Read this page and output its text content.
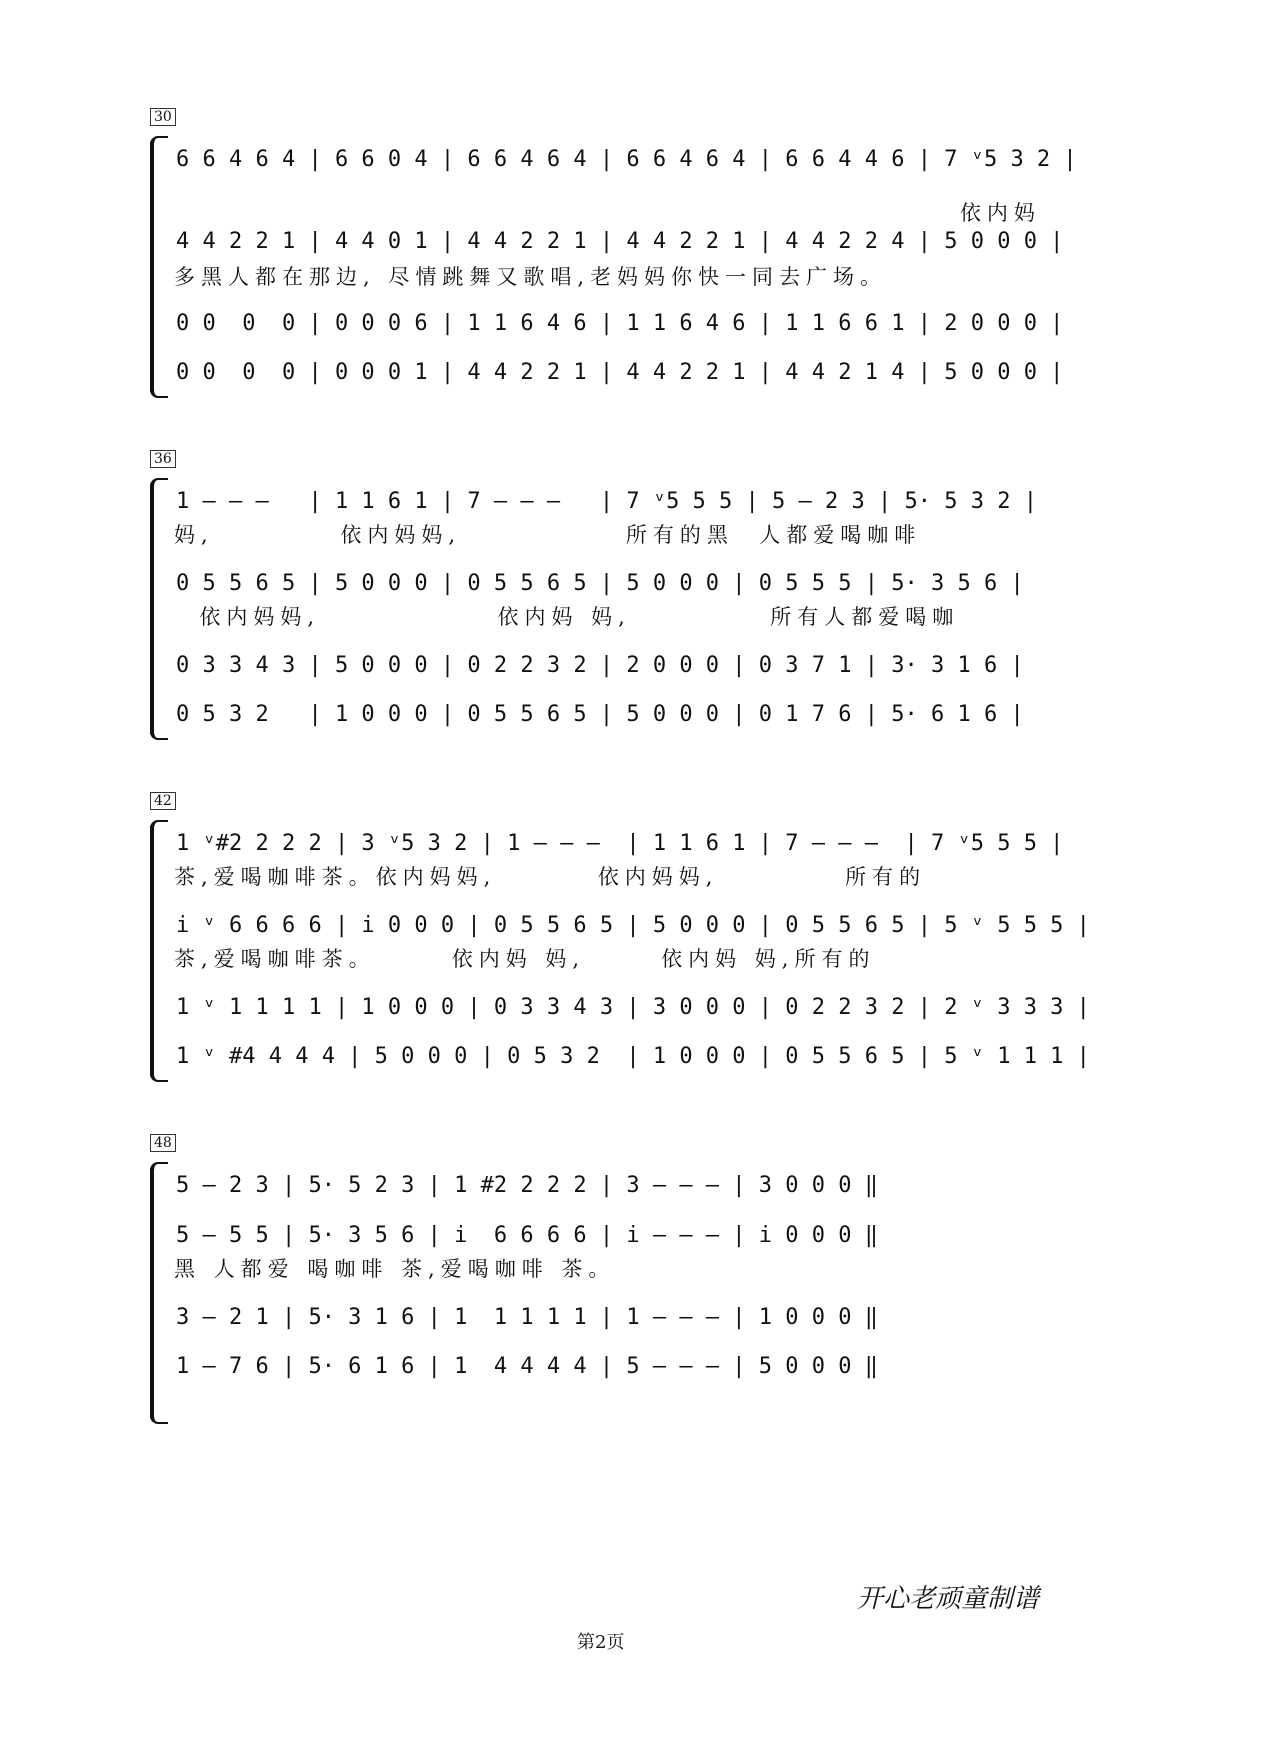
30
6 6 4 6 4 | 6 6 0 4 | 6 6 4 6 4 | 6 6 4 6 4 | 6 6 4 4 6 | 7 ᵛ5 3 2 |
依内妈
4 4 2 2 1 | 4 4 0 1 | 4 4 2 2 1 | 4 4 2 2 1 | 4 4 2 2 4 | 5 0 0 0 |
多黑人都在那边, 尽情跳舞又歌唱,老妈妈你快一同去广场。
0 0  0  0 | 0 0 0 6 | 1 1 6 4 6 | 1 1 6 4 6 | 1 1 6 6 1 | 2 0 0 0 |
0 0  0  0 | 0 0 0 1 | 4 4 2 2 1 | 4 4 2 2 1 | 4 4 2 1 4 | 5 0 0 0 |
36
1 – – –   | 1 1 6 1 | 7 – – –   | 7 ᵛ5 5 5 | 5 – 2 3 | 5· 5 3 2 |
妈,          依内妈妈,             所有的黑  人都爱喝咖啡
0 5 5 6 5 | 5 0 0 0 | 0 5 5 6 5 | 5 0 0 0 | 0 5 5 5 | 5· 3 5 6 |
依内妈妈,              依内妈 妈,           所有人都爱喝咖
0 3 3 4 3 | 5 0 0 0 | 0 2 2 3 2 | 2 0 0 0 | 0 3 7 1 | 3· 3 1 6 |
0 5 3 2   | 1 0 0 0 | 0 5 5 6 5 | 5 0 0 0 | 0 1 7 6 | 5· 6 1 6 |
42
1 ᵛ#2 2 2 2 | 3 ᵛ5 3 2 | 1 – – –  | 1 1 6 1 | 7 – – –  | 7 ᵛ5 5 5 |
茶,爱喝咖啡茶。依内妈妈,        依内妈妈,          所有的
i ᵛ 6 6 6 6 | i 0 0 0 | 0 5 5 6 5 | 5 0 0 0 | 0 5 5 6 5 | 5 ᵛ 5 5 5 |
茶,爱喝咖啡茶。      依内妈 妈,      依内妈 妈,所有的
1 ᵛ 1 1 1 1 | 1 0 0 0 | 0 3 3 4 3 | 3 0 0 0 | 0 2 2 3 2 | 2 ᵛ 3 3 3 |
1 ᵛ #4 4 4 4 | 5 0 0 0 | 0 5 3 2  | 1 0 0 0 | 0 5 5 6 5 | 5 ᵛ 1 1 1 |
48
5 – 2 3 | 5· 5 2 3 | 1 #2 2 2 2 | 3 – – – | 3 0 0 0 ‖
5 – 5 5 | 5· 3 5 6 | i  6 6 6 6 | i – – – | i 0 0 0 ‖
黑 人都爱 喝咖啡 茶,爱喝咖啡 茶。
3 – 2 1 | 5· 3 1 6 | 1  1 1 1 1 | 1 – – – | 1 0 0 0 ‖
1 – 7 6 | 5· 6 1 6 | 1  4 4 4 4 | 5 – – – | 5 0 0 0 ‖
开心老顽童制谱
第2页
